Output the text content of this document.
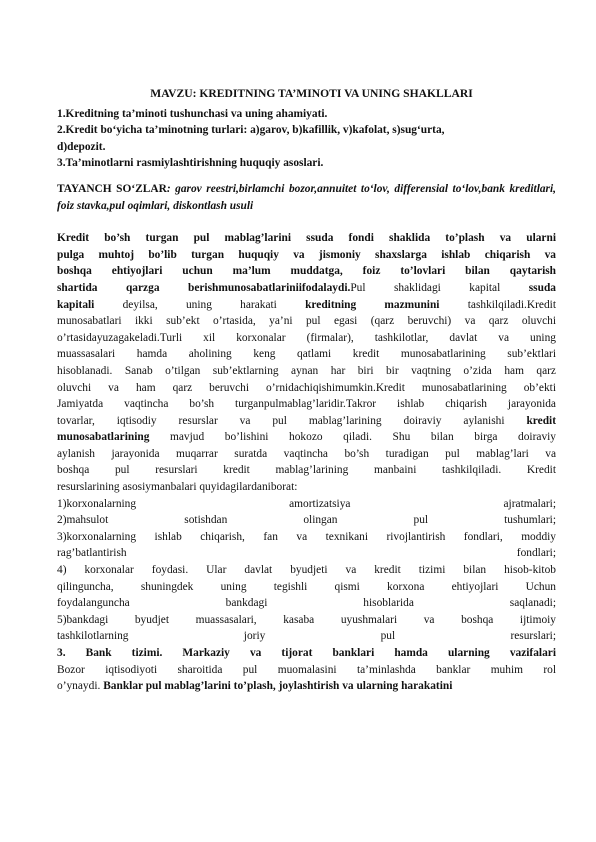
MAVZU: KREDITNING TA’MINOTI VA UNING SHAKLLARI
1.Kreditning ta’minoti tushunchasi va uning ahamiyati.
2.Kredit bo‘yicha ta’minotning turlari: a)garov, b)kafillik, v)kafolat, s)sug‘urta,
d)depozit.
3.Ta’minotlarni rasmiylashtirishning huquqiy asoslari.
TAYANCH SO‘ZLAR: garov reestri,birlamchi bozor,annuitet to‘lov, differensial to‘lov,bank kreditlari, foiz stavka,pul oqimlari, diskontlash usuli
Kredit bo’sh turgan pul mablag’larini ssuda fondi shaklida to’plash va ularni
pulga muhtoj bo’lib turgan huquqiy va jismoniy shaxslarga ishlab chiqarish va
boshqa ehtiyojlari uchun ma’lum muddatga, foiz to’lovlari bilan qaytarish
shartida qarzga berishmunosabatlariniifodalaydi.Pul shaklidagi kapital ssuda
kapitali deyilsa, uning harakati kreditning mazmunini tashkilqiladi.Kredit
munosabatlari ikki sub’ekt o’rtasida, ya’ni pul egasi (qarz beruvchi) va qarz oluvchi
o’rtasidayuzagakeladi.Turli xil korxonalar (firmalar), tashkilotlar, davlat va uning
muassasalari hamda aholining keng qatlami kredit munosabatlarining sub’ektlari
hisoblanadi. Sanab o’tilgan sub’ektlarning aynan har biri bir vaqtning o’zida ham qarz
oluvchi va ham qarz beruvchi o’rnidachiqishimumkin.Kredit munosabatlarining ob’ekti
Jamiyatda vaqtincha bo’sh turganpulmablag’laridir.Takror ishlab chiqarish jarayonida
tovarlar, iqtisodiy resurslar va pul mablag’larining doiraviy aylanishi kredit
munosabatlarining mavjud bo’lishini hokozo qiladi. Shu bilan birga doiraviy
aylanish jarayonida muqarrar suratda vaqtincha bo’sh turadigan pul mablag’lari va
boshqa pul resurslari kredit mablag’larining manbaini tashkilqiladi. Kredit
resurslarining asosiymanbalari quyidagilardaniborat:
1)korxonalarning amortizatsiya ajratmalari;
2)mahsulot sotishdan olingan pul tushumlari;
3)korxonalarning ishlab chiqarish, fan va texnikani rivojlantirish fondlari, moddiy
rag’batlantirish fondlari;
4) korxonalar foydasi. Ular davlat byudjeti va kredit tizimi bilan hisob-kitob
qilinguncha, shuningdek uning tegishli qismi korxona ehtiyojlari Uchun
foydalanguncha bankdagi hisoblarida saqlanadi;
5)bankdagi byudjet muassasalari, kasaba uyushmalari va boshqa ijtimoiy
tashkilotlarning joriy pul resurslari;
3. Bank tizimi. Markaziy va tijorat banklari hamda ularning vazifalari
Bozor iqtisodiyoti sharoitida pul muomalasini ta’minlashda banklar muhim rol
o’ynaydi. Banklar pul mablag’larini to’plash, joylashtirish va ularning harakatini
